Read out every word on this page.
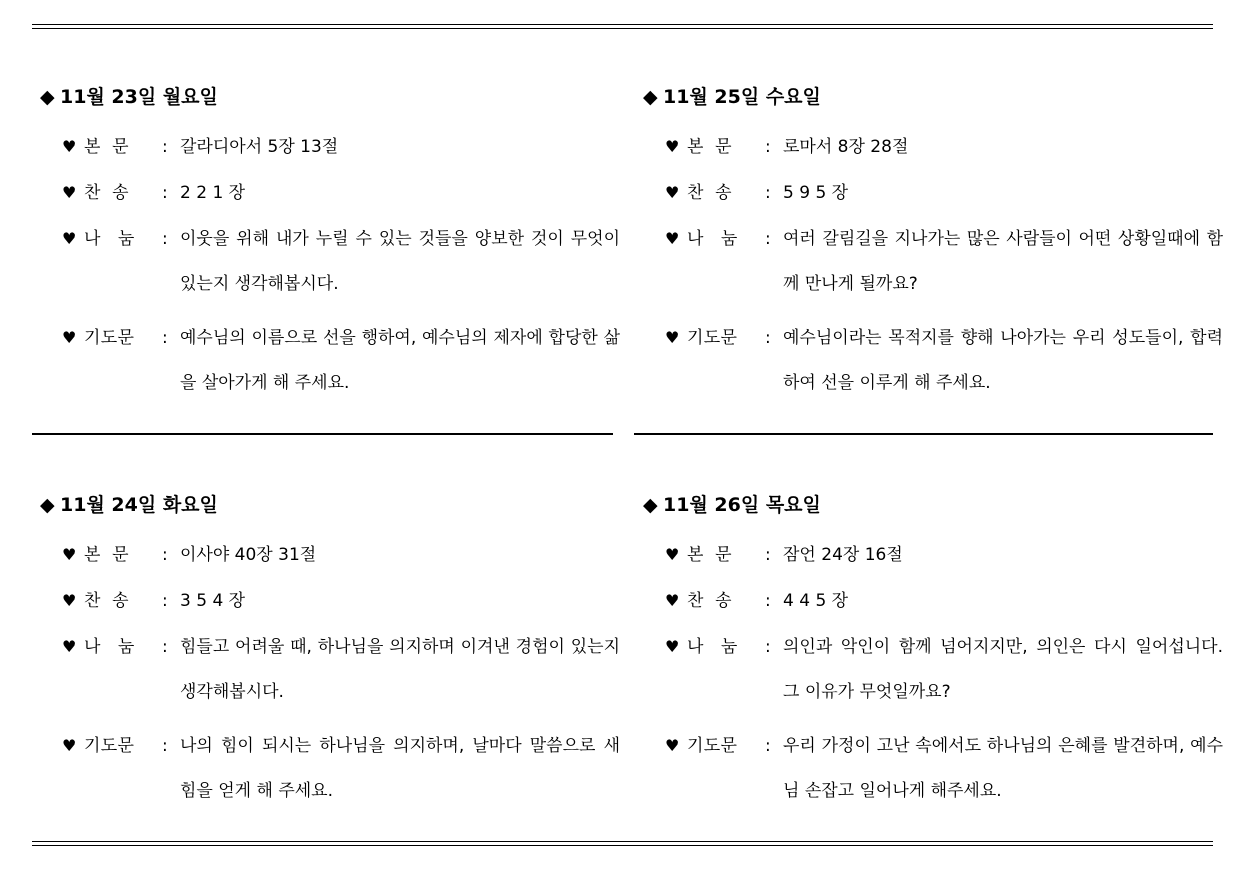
◆ 11월 23일 월요일
♥ 본  문	: 갈라디아서 5장 13절
♥ 찬  송	: 2 2 1 장
♥ 나   눔	: 이웃을 위해 내가 누릴 수 있는 것들을 양보한 것이 무엇이 있는지 생각해봅시다.
♥ 기도문	: 예수님의 이름으로 선을 행하여, 예수님의 제자에 합당한 삶을 살아가게 해 주세요.
◆ 11월 25일 수요일
♥ 본  문	: 로마서 8장 28절
♥ 찬  송	: 5 9 5 장
♥ 나   눔	: 여러 갈림길을 지나가는 많은 사람들이 어떤 상황일때에 함께 만나게 될까요?
♥ 기도문	: 예수님이라는 목적지를 향해 나아가는 우리 성도들이, 합력하여 선을 이루게 해 주세요.
◆ 11월 24일 화요일
♥ 본  문	: 이사야 40장 31절
♥ 찬  송	: 3 5 4 장
♥ 나   눔	: 힘들고 어려울 때, 하나님을 의지하며 이겨낸 경험이 있는지 생각해봅시다.
♥ 기도문	: 나의 힘이 되시는 하나님을 의지하며, 날마다 말씀으로 새 힘을 얻게 해 주세요.
◆ 11월 26일 목요일
♥ 본  문	: 잠언 24장 16절
♥ 찬  송	: 4 4 5 장
♥ 나   눔	: 의인과 악인이 함께 넘어지지만, 의인은 다시 일어섭니다. 그 이유가 무엇일까요?
♥ 기도문	: 우리 가정이 고난 속에서도 하나님의 은혜를 발견하며, 예수님 손잡고 일어나게 해주세요.
